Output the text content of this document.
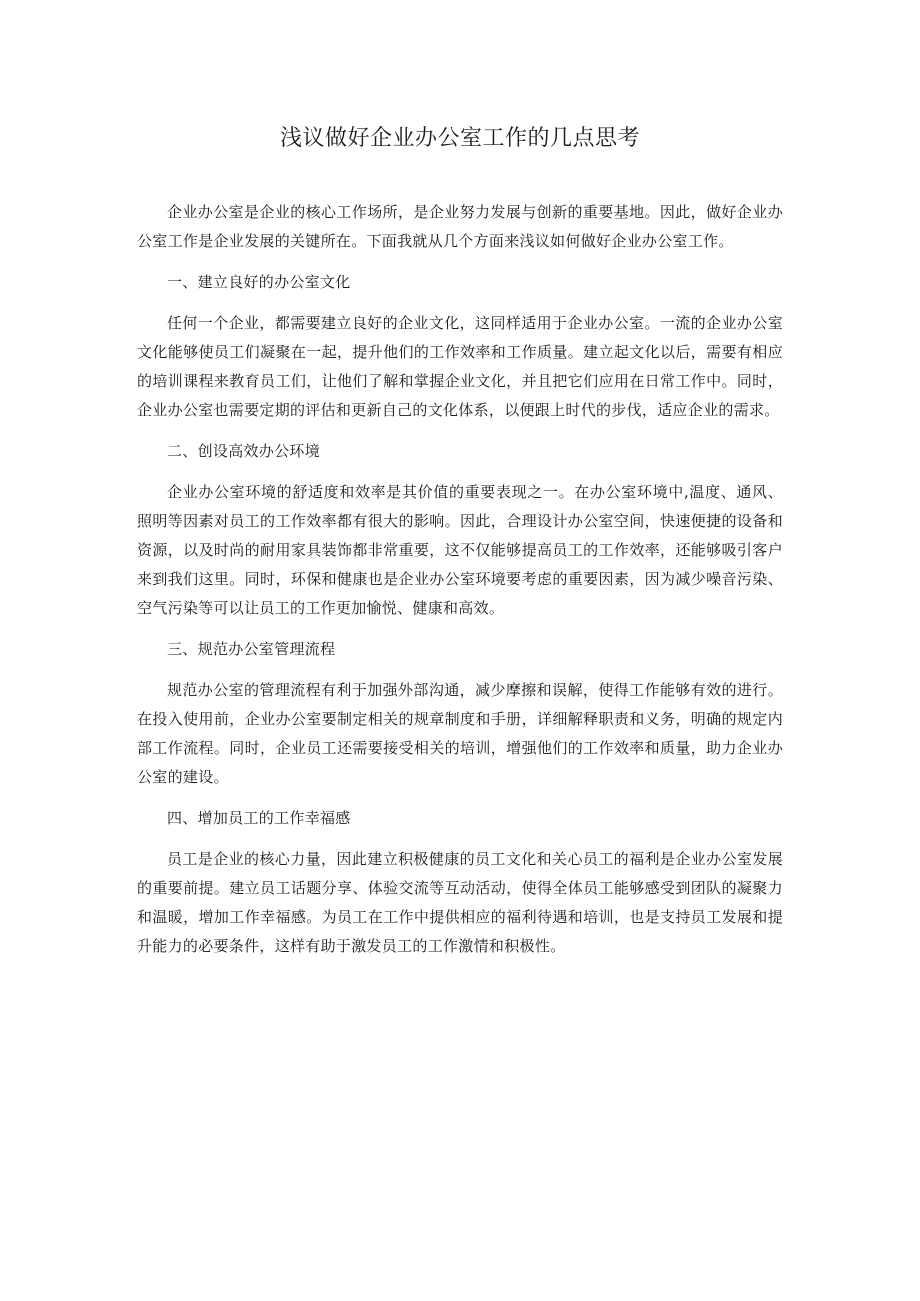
浅议做好企业办公室工作的几点思考

企业办公室是企业的核心工作场所，是企业努力发展与创新的重要基地。因此，做好企业办公室工作是企业发展的关键所在。下面我就从几个方面来浅议如何做好企业办公室工作。

一、建立良好的办公室文化

任何一个企业，都需要建立良好的企业文化，这同样适用于企业办公室。一流的企业办公室文化能够使员工们凝聚在一起，提升他们的工作效率和工作质量。建立起文化以后，需要有相应的培训课程来教育员工们，让他们了解和掌握企业文化，并且把它们应用在日常工作中。同时，企业办公室也需要定期的评估和更新自己的文化体系，以便跟上时代的步伐，适应企业的需求。

二、创设高效办公环境

企业办公室环境的舒适度和效率是其价值的重要表现之一。在办公室环境中,温度、通风、照明等因素对员工的工作效率都有很大的影响。因此，合理设计办公室空间，快速便捷的设备和资源，以及时尚的耐用家具装饰都非常重要，这不仅能够提高员工的工作效率，还能够吸引客户来到我们这里。同时，环保和健康也是企业办公室环境要考虑的重要因素，因为减少噪音污染、空气污染等可以让员工的工作更加愉悦、健康和高效。

三、规范办公室管理流程

规范办公室的管理流程有利于加强外部沟通，减少摩擦和误解，使得工作能够有效的进行。在投入使用前，企业办公室要制定相关的规章制度和手册，详细解释职责和义务，明确的规定内部工作流程。同时，企业员工还需要接受相关的培训，增强他们的工作效率和质量，助力企业办公室的建设。

四、增加员工的工作幸福感

员工是企业的核心力量，因此建立积极健康的员工文化和关心员工的福利是企业办公室发展的重要前提。建立员工话题分享、体验交流等互动活动，使得全体员工能够感受到团队的凝聚力和温暖，增加工作幸福感。为员工在工作中提供相应的福利待遇和培训，也是支持员工发展和提升能力的必要条件，这样有助于激发员工的工作激情和积极性。
